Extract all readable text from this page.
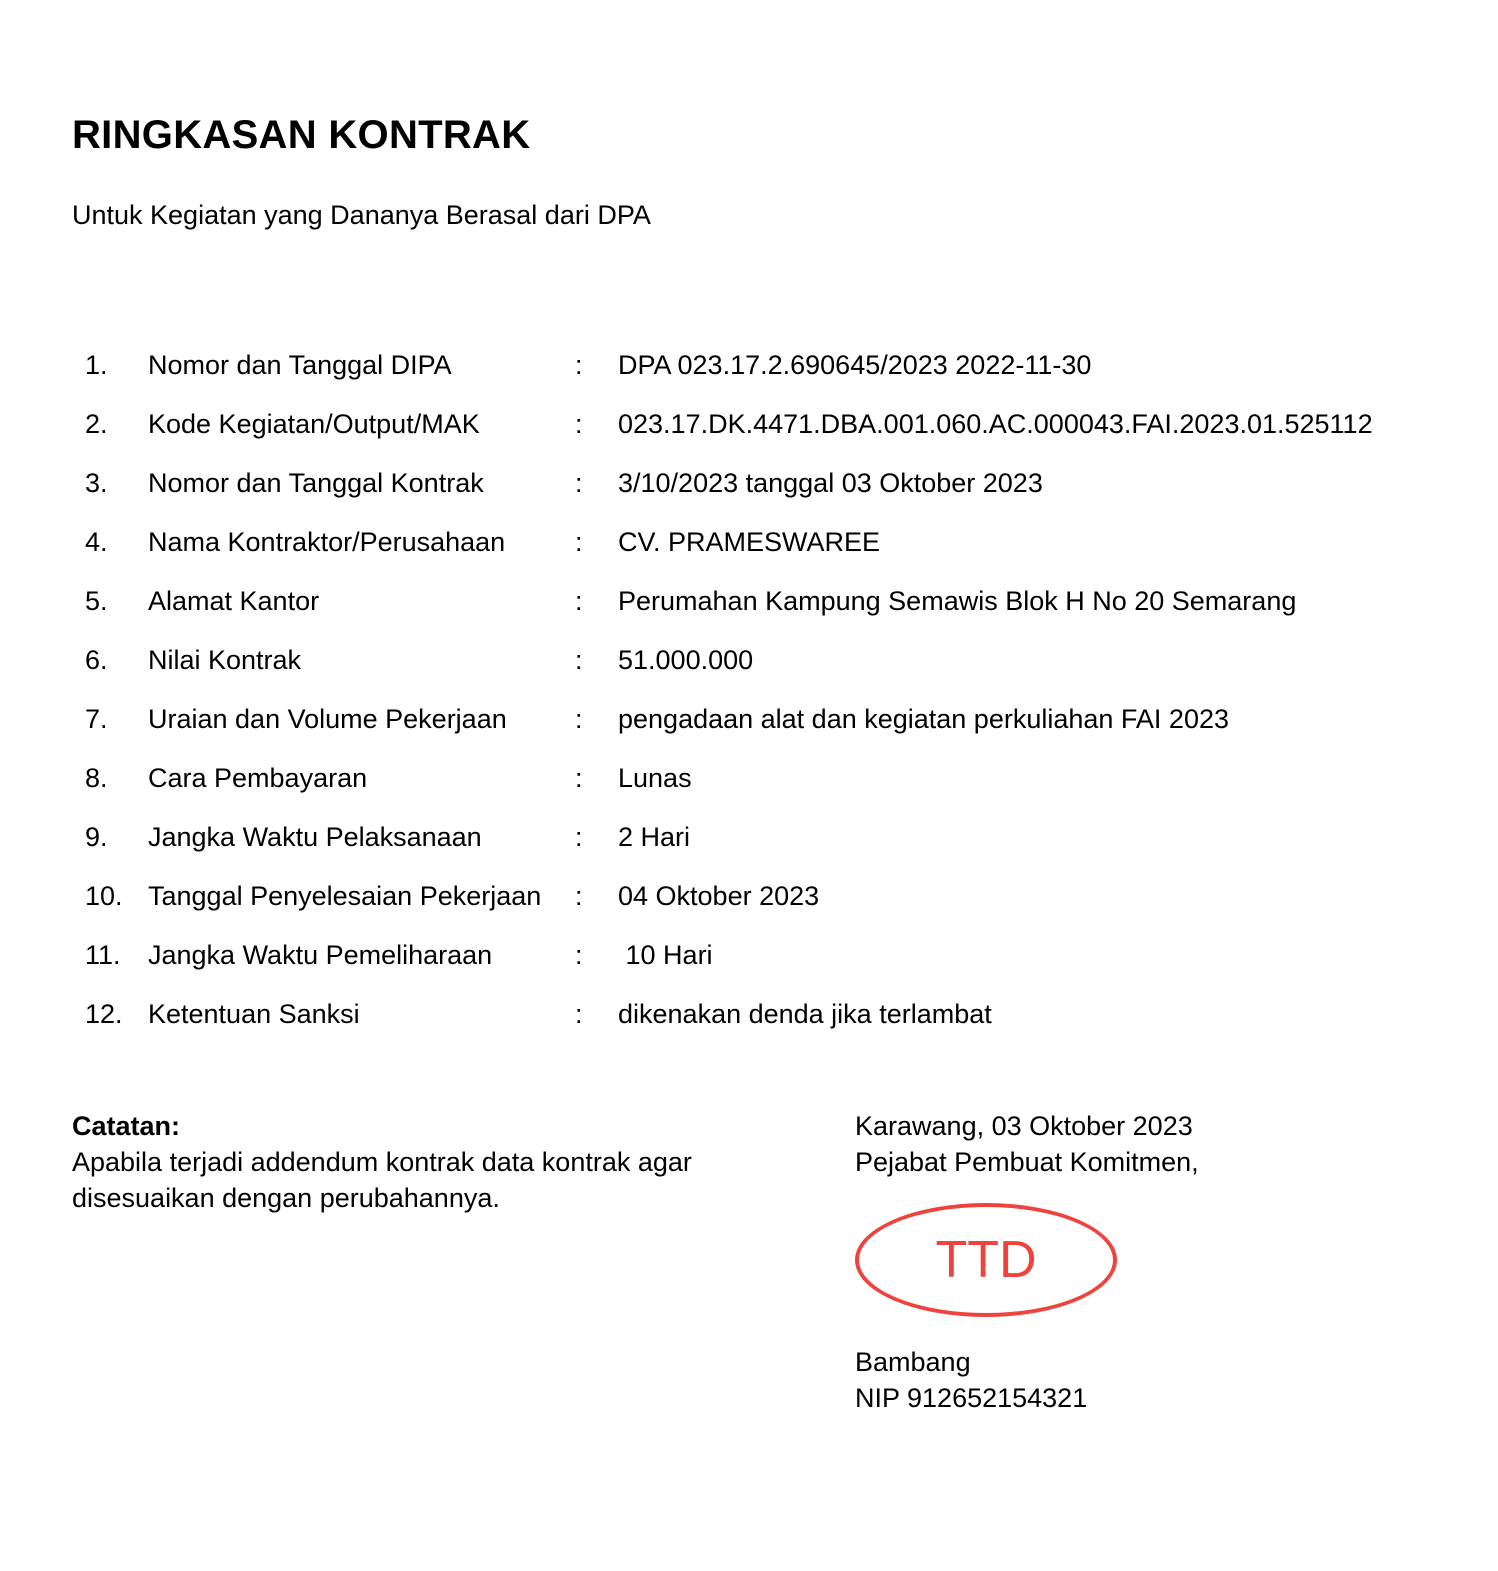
RINGKASAN KONTRAK

Untuk Kegiatan yang Dananya Berasal dari DPA

1.	Nomor dan Tanggal DIPA	:	DPA 023.17.2.690645/2023 2022-11-30
2.	Kode Kegiatan/Output/MAK	:	023.17.DK.4471.DBA.001.060.AC.000043.FAI.2023.01.525112
3.	Nomor dan Tanggal Kontrak	:	3/10/2023 tanggal 03 Oktober 2023
4.	Nama Kontraktor/Perusahaan	:	CV. PRAMESWAREE
5.	Alamat Kantor	:	Perumahan Kampung Semawis Blok H No 20 Semarang
6.	Nilai Kontrak	:	51.000.000
7.	Uraian dan Volume Pekerjaan	:	pengadaan alat dan kegiatan perkuliahan FAI 2023
8.	Cara Pembayaran	:	Lunas
9.	Jangka Waktu Pelaksanaan	:	2 Hari
10. Tanggal Penyelesaian Pekerjaan	:	04 Oktober 2023
11.	Jangka Waktu Pemeliharaan	:	10 Hari
12. Ketentuan Sanksi	:	dikenakan denda jika terlambat

Catatan:

Apabila terjadi addendum kontrak data kontrak agar

disesuaikan dengan perubahannya.

Karawang, 03 Oktober 2023

Pejabat Pembuat Komitmen,

TTD

Bambang

NIP 912652154321
